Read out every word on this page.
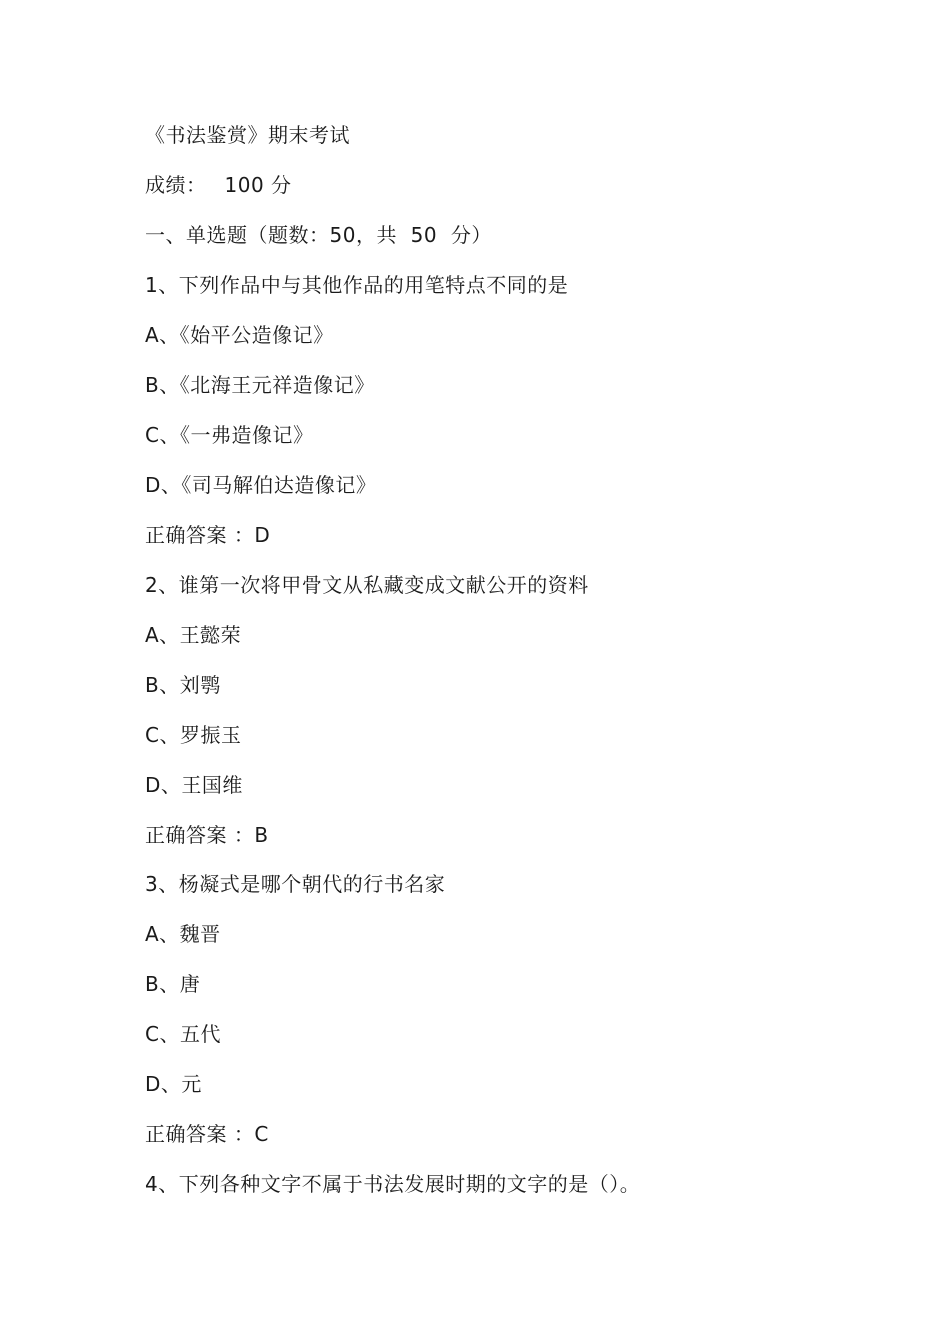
《书法鉴赏》期末考试
成绩： 100 分
一、单选题（题数：50，共  50  分）
1、下列作品中与其他作品的用笔特点不同的是
A、《始平公造像记》
B、《北海王元祥造像记》
C、《一弗造像记》
D、《司马解伯达造像记》
正确答案 ：D
2、谁第一次将甲骨文从私藏变成文献公开的资料
A、王懿荣
B、刘鹗
C、罗振玉
D、王国维
正确答案 ：B
3、杨凝式是哪个朝代的行书名家
A、魏晋
B、唐
C、五代
D、元
正确答案 ：C
4、下列各种文字不属于书法发展时期的文字的是（）。
